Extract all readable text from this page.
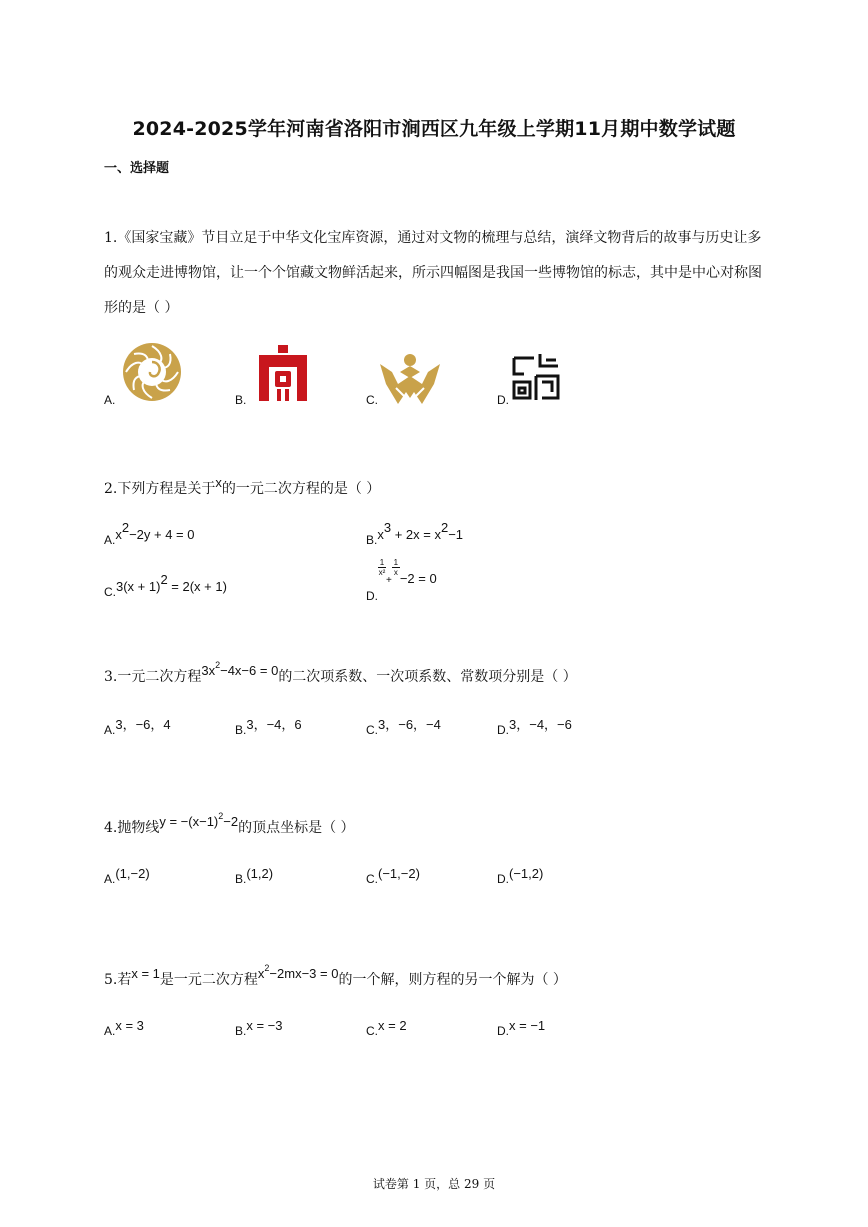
2024-2025学年河南省洛阳市涧西区九年级上学期11月期中数学试题
一、选择题
1.《国家宝藏》节目立足于中华文化宝库资源，通过对文物的梳理与总结，演绎文物背后的故事与历史让多的观众走进博物馆，让一个个馆藏文物鲜活起来，所示四幅图是我国一些博物馆的标志，其中是中心对称图形的是（ ）
A.	B.	C.	D.
2.下列方程是关于x的一元二次方程的是（ ）
$A.x^2-2y + 4 = 0$	$B.x^3 + 2x = x^2-1$
$C.3(x + 1)^2 = 2(x + 1)$
D.
$\frac{1}{\text{x²}}$
+
$\frac{1}{x}$
−2 = 0
3.一元二次方程$3x^2-4x-6 = 0$的二次项系数、一次项系数、常数项分别是（ ）
A.3，−6，4	B.3，−4，6	C.3，−6，−4	D.3，−4，−6
4.抛物线$y = -(x-1)^2-2$的顶点坐标是（ ）
A.(1,−2)	B.(1,2)	C.(−1,−2)	D.(−1,2)
5.若x = 1是一元二次方程$x^2-2mx-3 = 0$的一个解，则方程的另一个解为（ ）
A.x = 3	B.x = −3	C.x = 2	D.x = −1
试卷第 1 页，总 29 页
